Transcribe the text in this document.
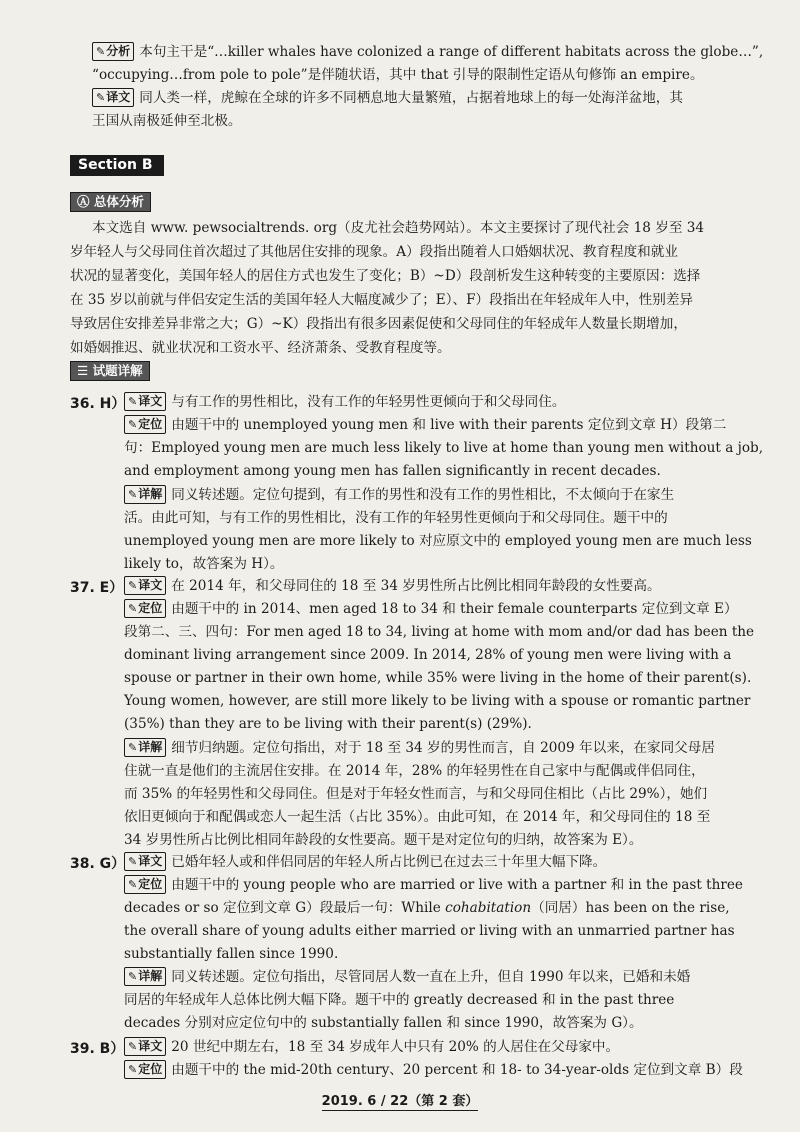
✎分析 本句主干是“…killer whales have colonized a range of different habitats across the globe…”,
“occupying…from pole to pole”是伴随状语，其中 that 引导的限制性定语从句修饰 an empire。
✎译文 同人类一样，虎鲸在全球的许多不同栖息地大量繁殖，占据着地球上的每一处海洋盆地，其
王国从南极延伸至北极。
Section B
Ⓐ 总体分析
本文选自 www. pewsocialtrends. org（皮尤社会趋势网站）。本文主要探讨了现代社会 18 岁至 34
岁年轻人与父母同住首次超过了其他居住安排的现象。A）段指出随着人口婚姻状况、教育程度和就业
状况的显著变化，美国年轻人的居住方式也发生了变化；B）~D）段剖析发生这种转变的主要原因：选择
在 35 岁以前就与伴侣安定生活的美国年轻人大幅度减少了；E）、F）段指出在年轻成年人中，性别差异
导致居住安排差异非常之大；G）~K）段指出有很多因素促使和父母同住的年轻成年人数量长期增加，
如婚姻推迟、就业状况和工资水平、经济萧条、受教育程度等。
☰ 试题详解
36. H） ✎译文 与有工作的男性相比，没有工作的年轻男性更倾向于和父母同住。
✎定位 由题干中的 unemployed young men 和 live with their parents 定位到文章 H）段第二
句：Employed young men are much less likely to live at home than young men without a job,
and employment among young men has fallen significantly in recent decades.
✎详解 同义转述题。定位句提到，有工作的男性和没有工作的男性相比，不太倾向于在家生
活。由此可知，与有工作的男性相比，没有工作的年轻男性更倾向于和父母同住。题干中的
unemployed young men are more likely to 对应原文中的 employed young men are much less
likely to，故答案为 H）。
37. E） ✎译文 在 2014 年，和父母同住的 18 至 34 岁男性所占比例比相同年龄段的女性要高。
✎定位 由题干中的 in 2014、men aged 18 to 34 和 their female counterparts 定位到文章 E）
段第二、三、四句：For men aged 18 to 34, living at home with mom and/or dad has been the
dominant living arrangement since 2009. In 2014, 28% of young men were living with a
spouse or partner in their own home, while 35% were living in the home of their parent(s).
Young women, however, are still more likely to be living with a spouse or romantic partner
(35%) than they are to be living with their parent(s) (29%).
✎详解 细节归纳题。定位句指出，对于 18 至 34 岁的男性而言，自 2009 年以来，在家同父母居
住就一直是他们的主流居住安排。在 2014 年，28% 的年轻男性在自己家中与配偶或伴侣同住，
而 35% 的年轻男性和父母同住。但是对于年轻女性而言，与和父母同住相比（占比 29%），她们
依旧更倾向于和配偶或恋人一起生活（占比 35%）。由此可知，在 2014 年，和父母同住的 18 至
34 岁男性所占比例比相同年龄段的女性要高。题干是对定位句的归纳，故答案为 E）。
38. G） ✎译文 已婚年轻人或和伴侣同居的年轻人所占比例已在过去三十年里大幅下降。
✎定位 由题干中的 young people who are married or live with a partner 和 in the past three
decades or so 定位到文章 G）段最后一句：While cohabitation（同居）has been on the rise,
the overall share of young adults either married or living with an unmarried partner has
substantially fallen since 1990.
✎详解 同义转述题。定位句指出，尽管同居人数一直在上升，但自 1990 年以来，已婚和未婚
同居的年轻成年人总体比例大幅下降。题干中的 greatly decreased 和 in the past three
decades 分别对应定位句中的 substantially fallen 和 since 1990，故答案为 G）。
39. B）
2019. 6 / 22（第 2 套）
✎译文 20 世纪中期左右，18 至 34 岁成年人中只有 20% 的人居住在父母家中。
✎定位 由题干中的 the mid-20th century、20 percent 和 18- to 34-year-olds 定位到文章 B）段
